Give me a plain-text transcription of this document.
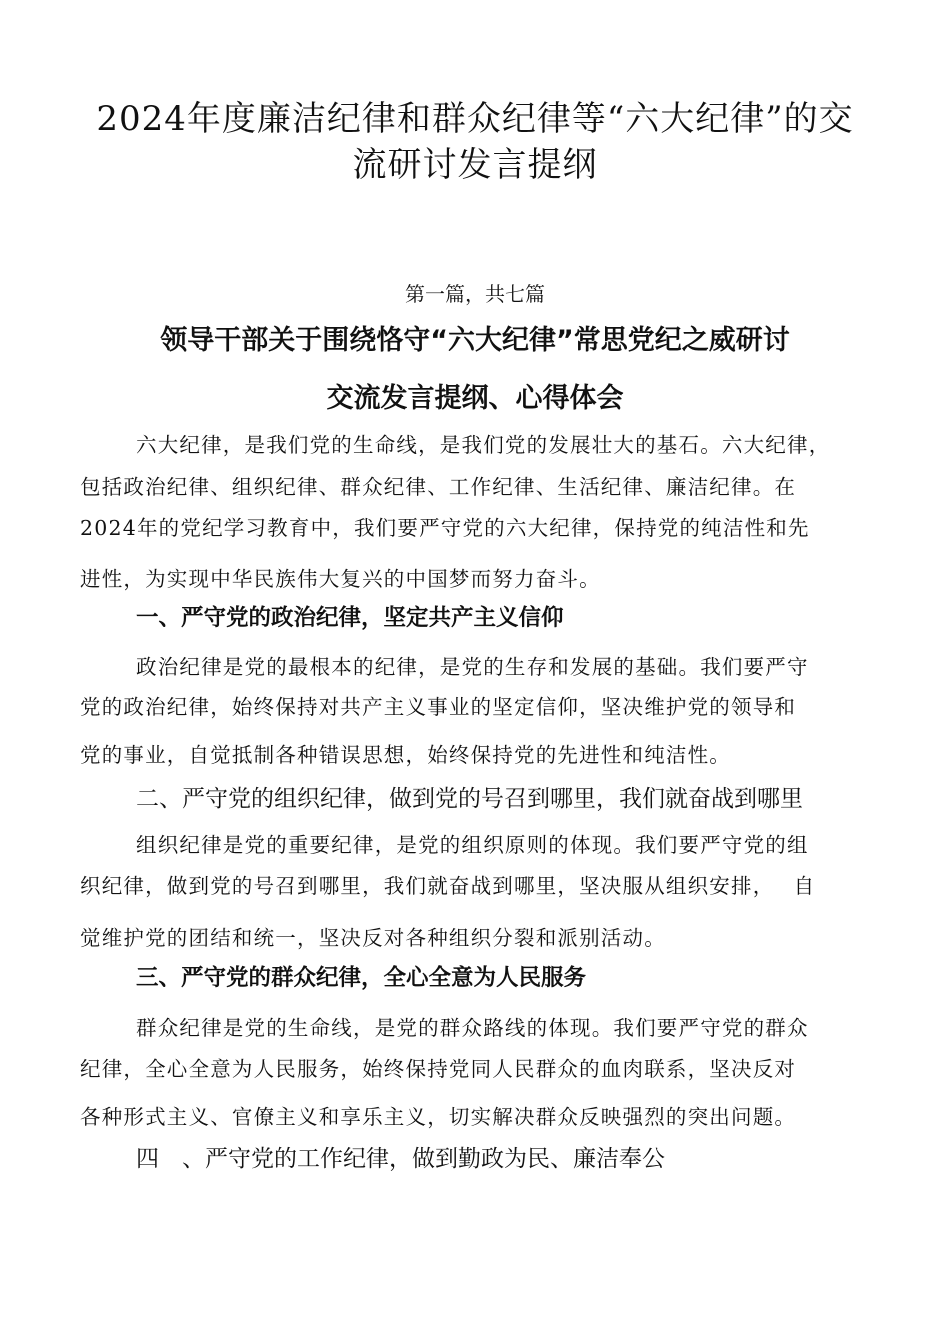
2024年度廉洁纪律和群众纪律等“六大纪律”的交
流研讨发言提纲
第一篇，共七篇
领导干部关于围绕恪守“六大纪律”常思党纪之威研讨
交流发言提纲、心得体会
六大纪律，是我们党的生命线，是我们党的发展壮大的基石。六大纪律，
包括政治纪律、组织纪律、群众纪律、工作纪律、生活纪律、廉洁纪律。在
2024年的党纪学习教育中，我们要严守党的六大纪律，保持党的纯洁性和先
进性，为实现中华民族伟大复兴的中国梦而努力奋斗。
一、严守党的政治纪律，坚定共产主义信仰
政治纪律是党的最根本的纪律，是党的生存和发展的基础。我们要严守
党的政治纪律，始终保持对共产主义事业的坚定信仰，坚决维护党的领导和
党的事业，自觉抵制各种错误思想，始终保持党的先进性和纯洁性。
二、严守党的组织纪律，做到党的号召到哪里，我们就奋战到哪里
组织纪律是党的重要纪律，是党的组织原则的体现。我们要严守党的组
织纪律，做到党的号召到哪里，我们就奋战到哪里，坚决服从组织安排，　 自
觉维护党的团结和统一，坚决反对各种组织分裂和派别活动。
三、严守党的群众纪律，全心全意为人民服务
群众纪律是党的生命线，是党的群众路线的体现。我们要严守党的群众
纪律，全心全意为人民服务，始终保持党同人民群众的血肉联系，坚决反对
各种形式主义、官僚主义和享乐主义，切实解决群众反映强烈的突出问题。
四　、严守党的工作纪律，做到勤政为民、廉洁奉公
